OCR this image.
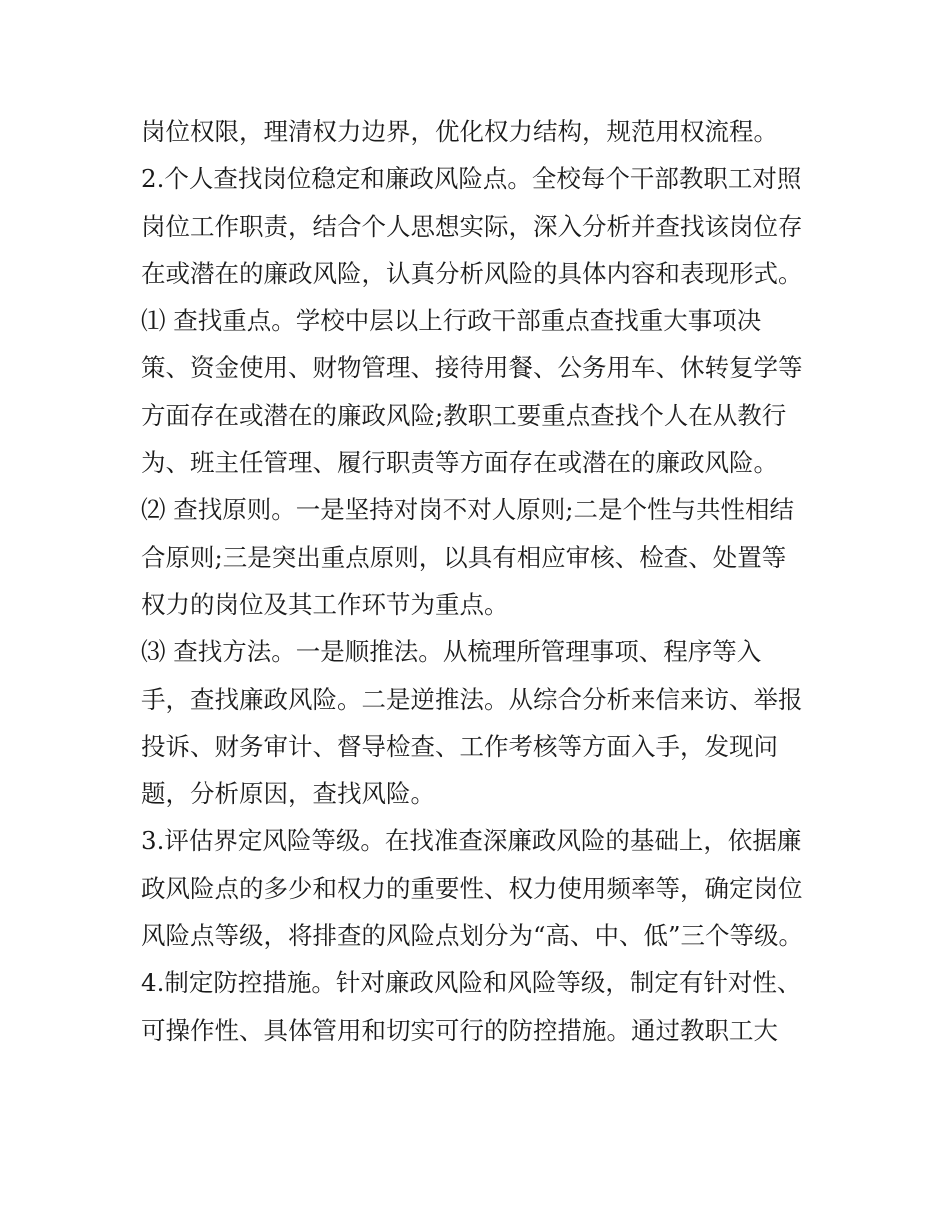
岗位权限，理清权力边界，优化权力结构，规范用权流程。
2.个人查找岗位稳定和廉政风险点。全校每个干部教职工对照
岗位工作职责，结合个人思想实际，深入分析并查找该岗位存
在或潜在的廉政风险，认真分析风险的具体内容和表现形式。
⑴ 查找重点。学校中层以上行政干部重点查找重大事项决
策、资金使用、财物管理、接待用餐、公务用车、休转复学等
方面存在或潜在的廉政风险;教职工要重点查找个人在从教行
为、班主任管理、履行职责等方面存在或潜在的廉政风险。
⑵ 查找原则。一是坚持对岗不对人原则;二是个性与共性相结
合原则;三是突出重点原则，以具有相应审核、检查、处置等
权力的岗位及其工作环节为重点。
⑶ 查找方法。一是顺推法。从梳理所管理事项、程序等入
手，查找廉政风险。二是逆推法。从综合分析来信来访、举报
投诉、财务审计、督导检查、工作考核等方面入手，发现问
题，分析原因，查找风险。
3.评估界定风险等级。在找准查深廉政风险的基础上，依据廉
政风险点的多少和权力的重要性、权力使用频率等，确定岗位
风险点等级，将排查的风险点划分为“高、中、低”三个等级。
4.制定防控措施。针对廉政风险和风险等级，制定有针对性、
可操作性、具体管用和切实可行的防控措施。通过教职工大
